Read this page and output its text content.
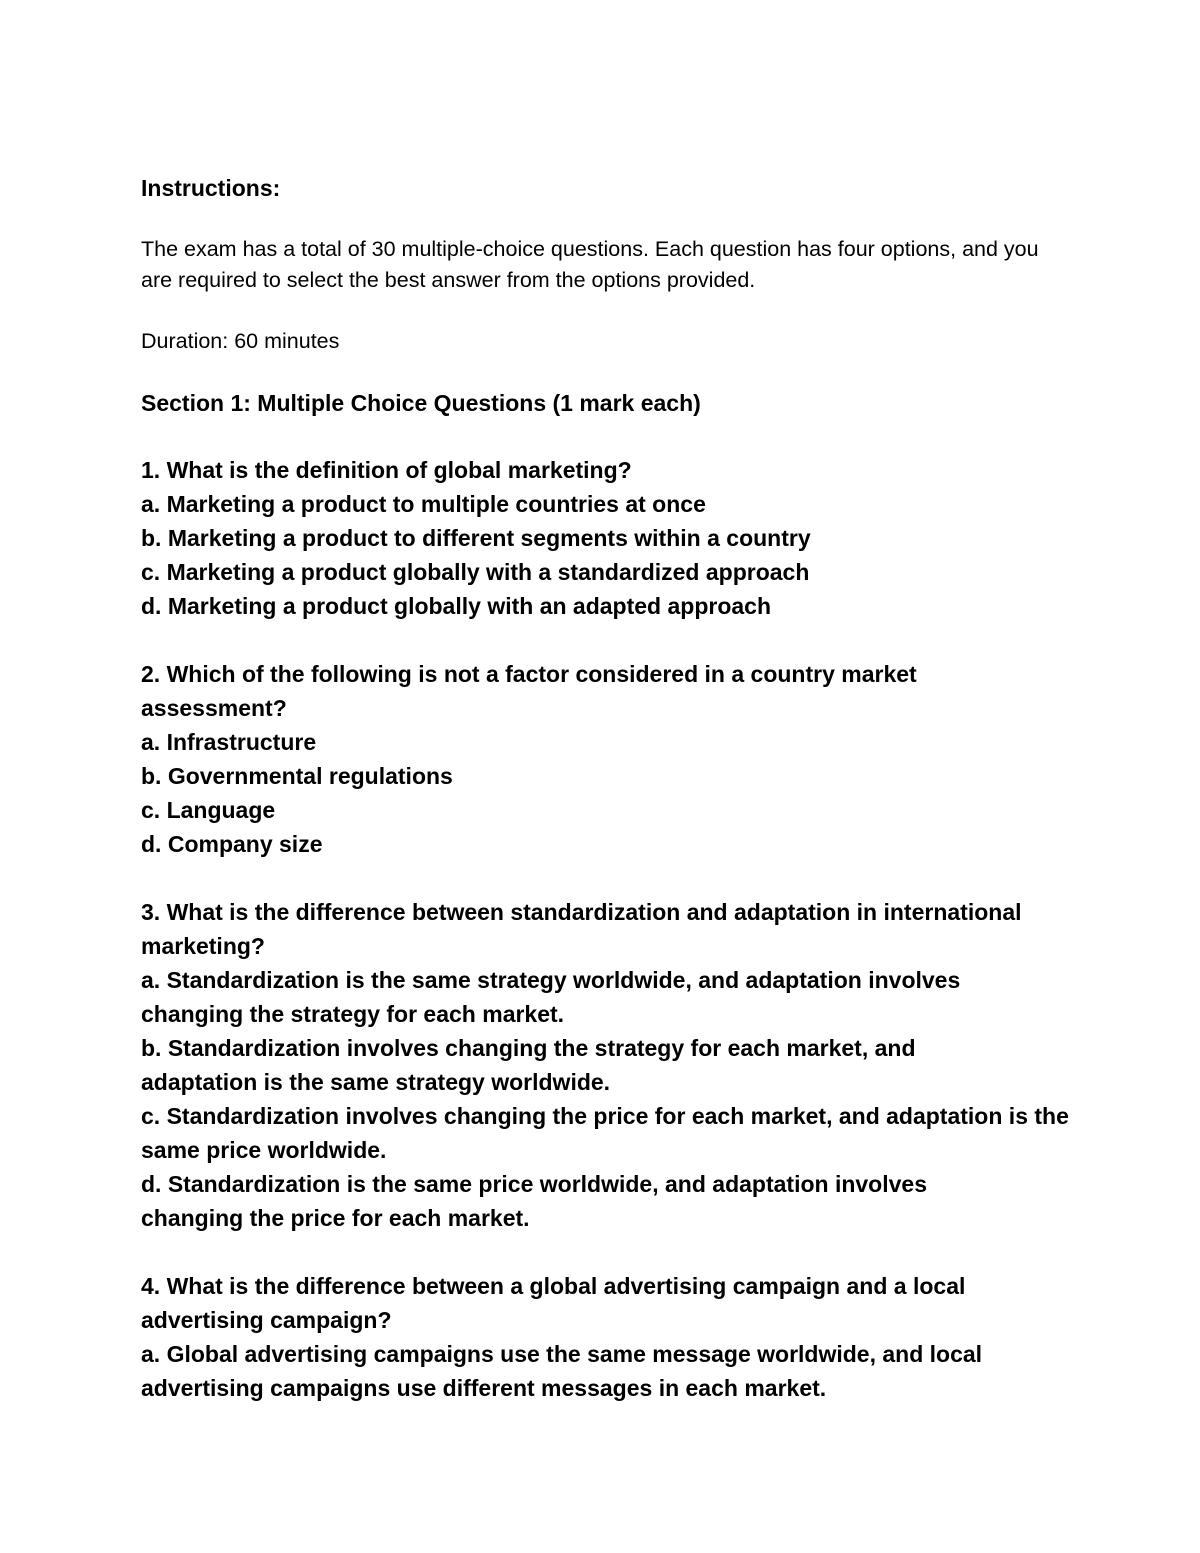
Instructions:

The exam has a total of 30 multiple-choice questions. Each question has four options, and you are required to select the best answer from the options provided.

Duration: 60 minutes

Section 1: Multiple Choice Questions (1 mark each)

1. What is the definition of global marketing?

a. Marketing a product to multiple countries at once

b. Marketing a product to different segments within a country

c. Marketing a product globally with a standardized approach

d. Marketing a product globally with an adapted approach

2. Which of the following is not a factor considered in a country market assessment?

a. Infrastructure

b. Governmental regulations

c. Language

d. Company size

3. What is the difference between standardization and adaptation in international marketing?

a. Standardization is the same strategy worldwide, and adaptation involves changing the strategy for each market.

b. Standardization involves changing the strategy for each market, and adaptation is the same strategy worldwide.

c. Standardization involves changing the price for each market, and adaptation is the same price worldwide.

d. Standardization is the same price worldwide, and adaptation involves changing the price for each market.

4. What is the difference between a global advertising campaign and a local advertising campaign?

a. Global advertising campaigns use the same message worldwide, and local advertising campaigns use different messages in each market.
